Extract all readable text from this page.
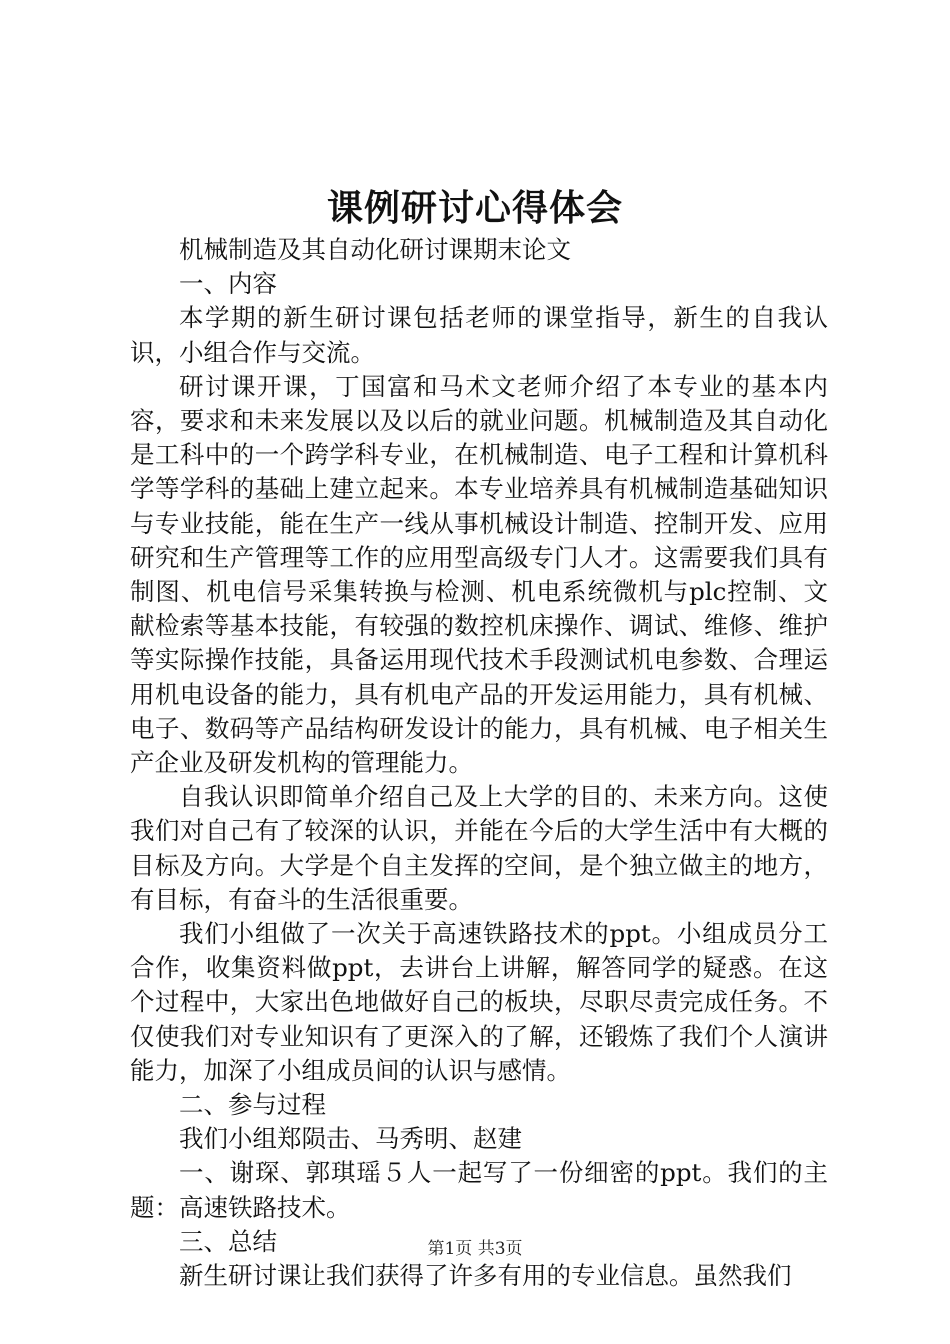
课例研讨心得体会

机械制造及其自动化研讨课期末论文

一、内容

本学期的新生研讨课包括老师的课堂指导，新生的自我认识，小组合作与交流。

研讨课开课，丁国富和马术文老师介绍了本专业的基本内容，要求和未来发展以及以后的就业问题。机械制造及其自动化是工科中的一个跨学科专业，在机械制造、电子工程和计算机科学等学科的基础上建立起来。本专业培养具有机械制造基础知识与专业技能，能在生产一线从事机械设计制造、控制开发、应用研究和生产管理等工作的应用型高级专门人才。这需要我们具有制图、机电信号采集转换与检测、机电系统微机与plc控制、文献检索等基本技能，有较强的数控机床操作、调试、维修、维护等实际操作技能，具备运用现代技术手段测试机电参数、合理运用机电设备的能力，具有机电产品的开发运用能力，具有机械、电子、数码等产品结构研发设计的能力，具有机械、电子相关生产企业及研发机构的管理能力。

自我认识即简单介绍自己及上大学的目的、未来方向。这使我们对自己有了较深的认识，并能在今后的大学生活中有大概的目标及方向。大学是个自主发挥的空间，是个独立做主的地方，有目标，有奋斗的生活很重要。

我们小组做了一次关于高速铁路技术的ppt。小组成员分工合作，收集资料做ppt，去讲台上讲解，解答同学的疑惑。在这个过程中，大家出色地做好自己的板块，尽职尽责完成任务。不仅使我们对专业知识有了更深入的了解，还锻炼了我们个人演讲能力，加深了小组成员间的认识与感情。

二、参与过程

我们小组郑陨击、马秀明、赵建

一、谢琛、郭琪瑶５人一起写了一份细密的ppt。我们的主题：高速铁路技术。

三、总结

新生研讨课让我们获得了许多有用的专业信息。虽然我们

第1页 共3页
